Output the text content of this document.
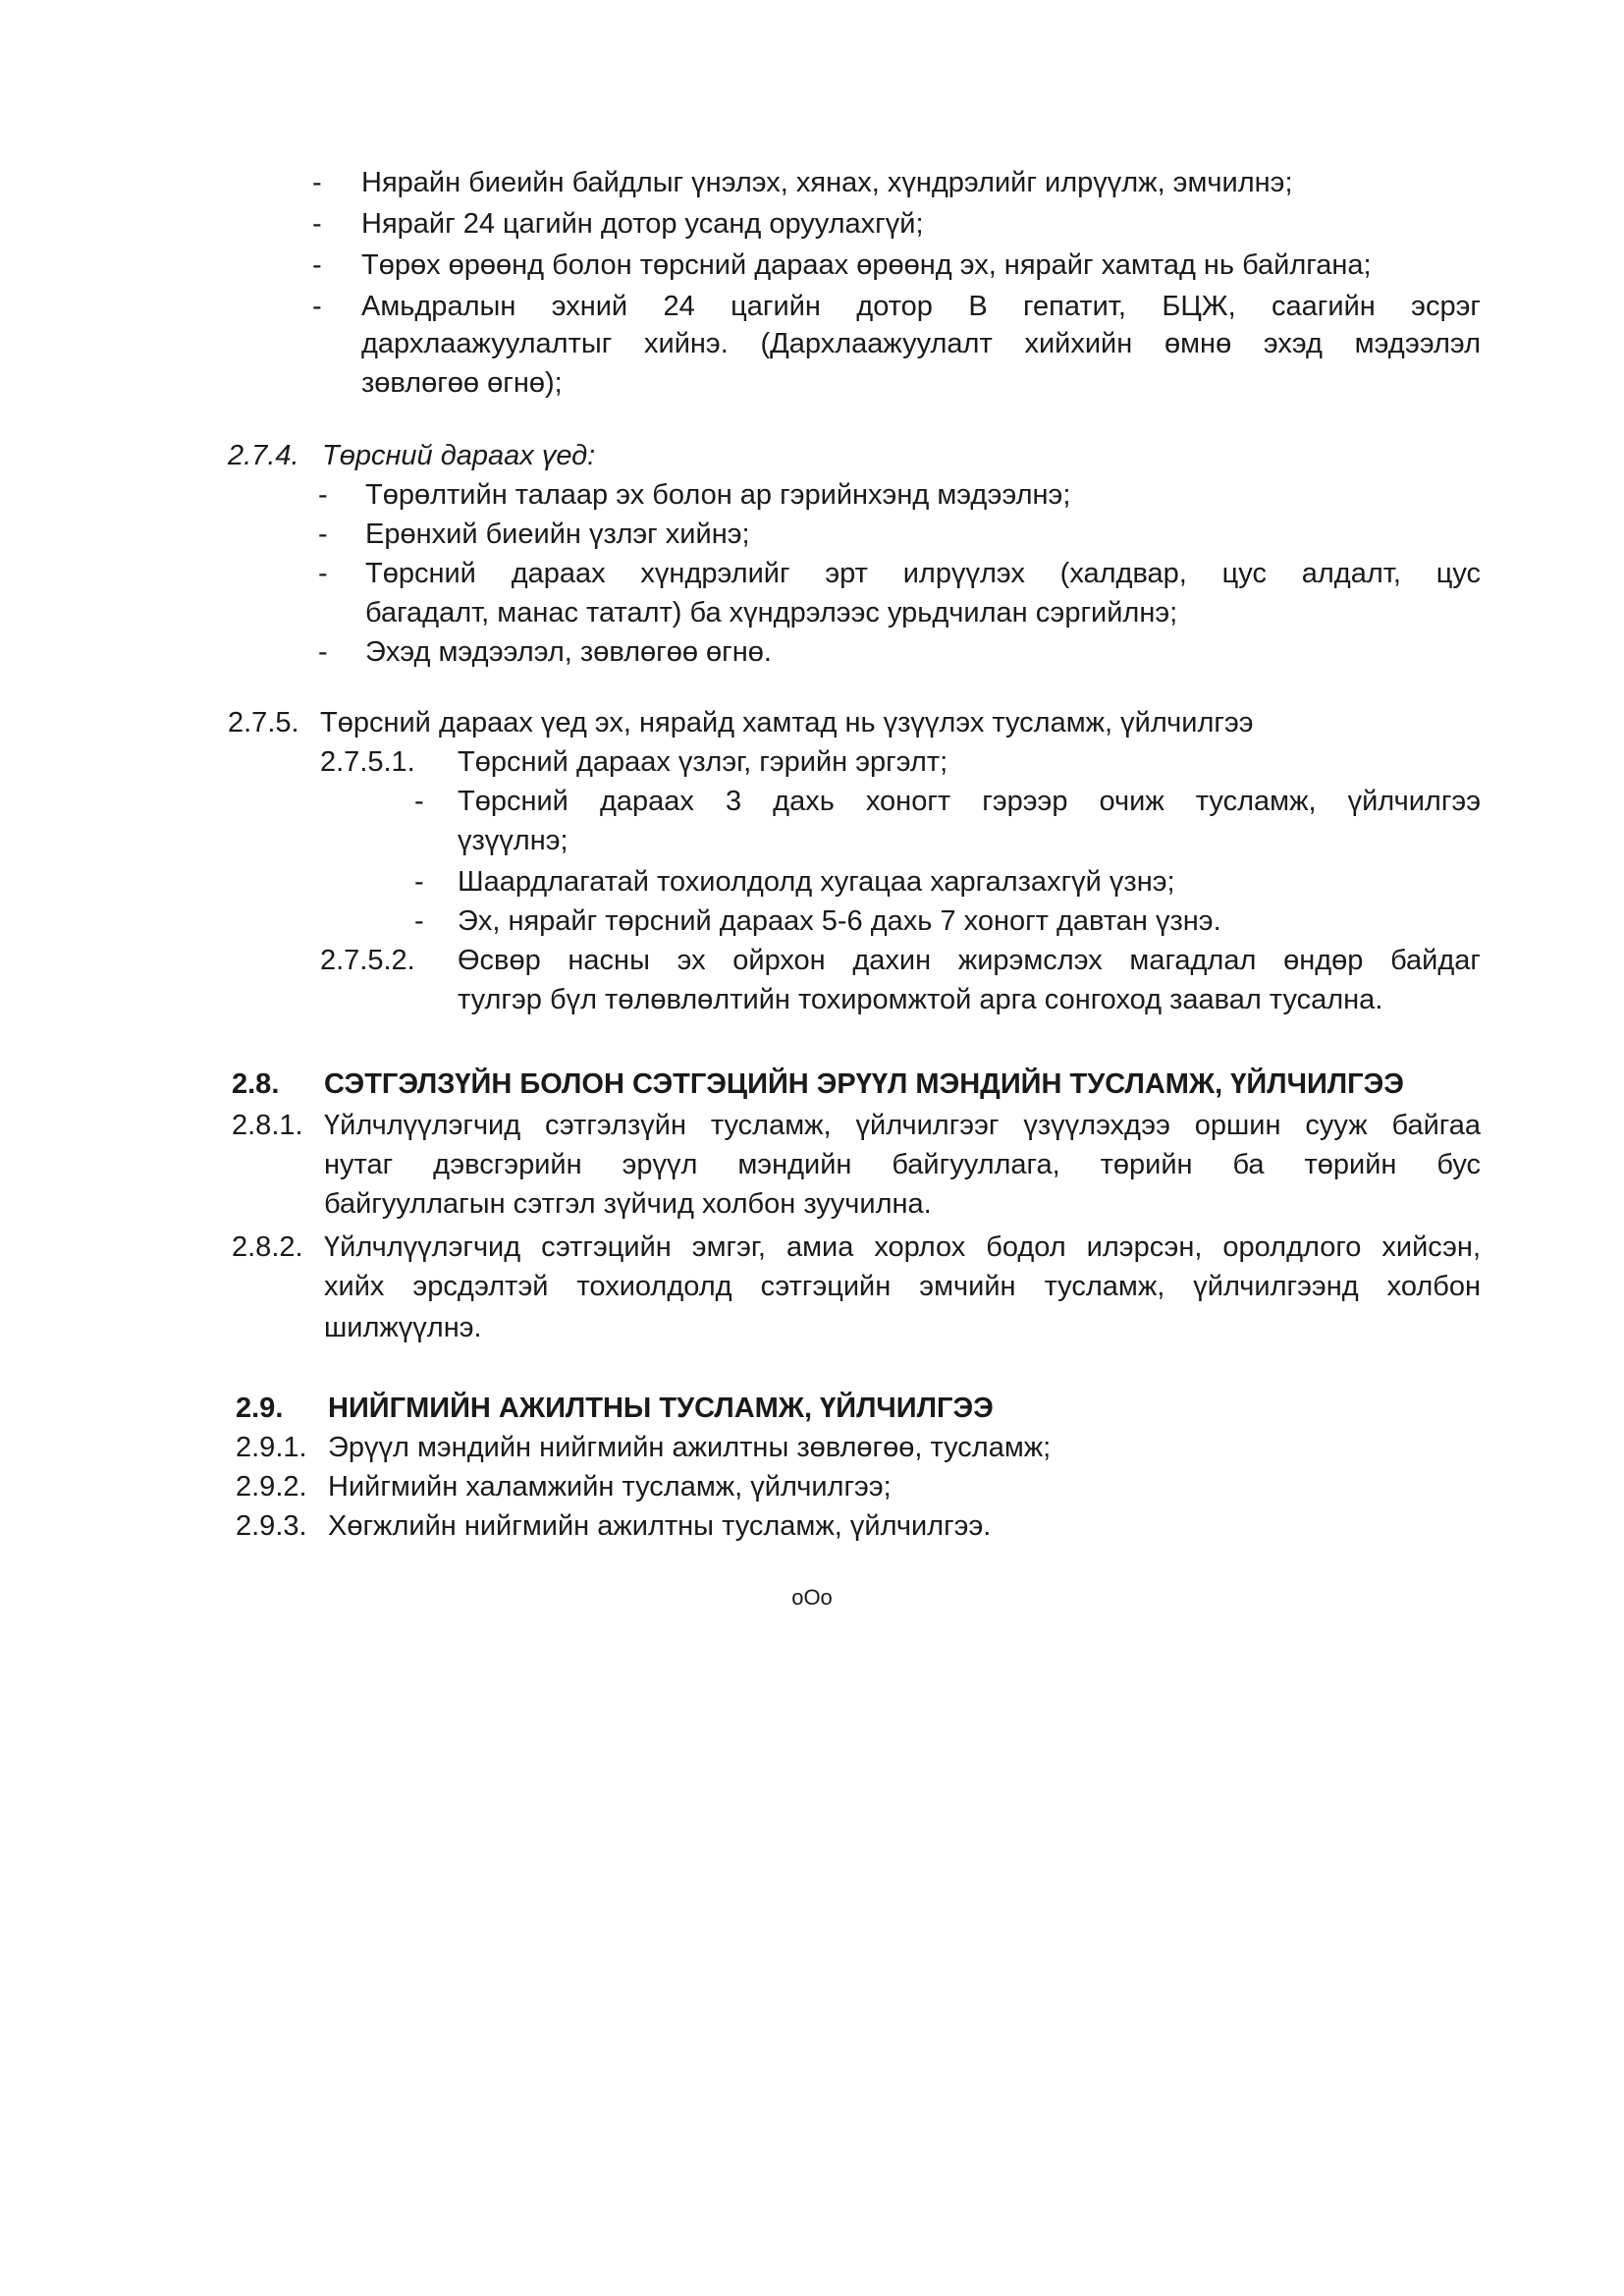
- Нярайн биеийн байдлыг үнэлэх, хянах, хүндрэлийг илрүүлж, эмчилнэ;
- Нярайг 24 цагийн дотор усанд оруулахгүй;
- Төрөх өрөөнд болон төрсний дараах өрөөнд эх, нярайг хамтад нь байлгана;
- Амьдралын эхний 24 цагийн дотор В гепатит, БЦЖ, саагийн эсрэг
дархлаажуулалтыг хийнэ. (Дархлаажуулалт хийхийн өмнө эхэд мэдээлэл
зөвлөгөө өгнө);
2.7.4. Төрсний дараах үед:
- Төрөлтийн талаар эх болон ар гэрийнхэнд мэдээлнэ;
- Ерөнхий биеийн үзлэг хийнэ;
- Төрсний дараах хүндрэлийг эрт илрүүлэх (халдвар, цус алдалт, цус
багадалт, манас таталт) ба хүндрэлээс урьдчилан сэргийлнэ;
- Эхэд мэдээлэл, зөвлөгөө өгнө.
2.7.5. Төрсний дараах үед эх, нярайд хамтад нь үзүүлэх тусламж, үйлчилгээ
2.7.5.1. Төрсний дараах үзлэг, гэрийн эргэлт;
- Төрсний дараах 3 дахь хоногт гэрээр очиж тусламж, үйлчилгээ
үзүүлнэ;
- Шаардлагатай тохиолдолд хугацаа харгалзахгүй үзнэ;
- Эх, нярайг төрсний дараах 5-6 дахь 7 хоногт давтан үзнэ.
2.7.5.2. Өсвөр насны эх ойрхон дахин жирэмслэх магадлал өндөр байдаг
тулгэр бүл төлөвлөлтийн тохиромжтой арга сонгоход заавал тусална.
2.8. СЭТГЭЛЗҮЙН БОЛОН СЭТГЭЦИЙН ЭРҮҮЛ МЭНДИЙН ТУСЛАМЖ, ҮЙЛЧИЛГЭЭ
2.8.1. Үйлчлүүлэгчид сэтгэлзүйн тусламж, үйлчилгээг үзүүлэхдээ оршин сууж байгаа
нутаг дэвсгэрийн эрүүл мэндийн байгууллага, төрийн ба төрийн бус
байгууллагын сэтгэл зүйчид холбон зуучилна.
2.8.2. Үйлчлүүлэгчид сэтгэцийн эмгэг, амиа хорлох бодол илэрсэн, оролдлого хийсэн,
хийх эрсдэлтэй тохиолдолд сэтгэцийн эмчийн тусламж, үйлчилгээнд холбон
шилжүүлнэ.
2.9. НИЙГМИЙН АЖИЛТНЫ ТУСЛАМЖ, ҮЙЛЧИЛГЭЭ
2.9.1. Эрүүл мэндийн нийгмийн ажилтны зөвлөгөө, тусламж;
2.9.2. Нийгмийн халамжийн тусламж, үйлчилгээ;
2.9.3. Хөгжлийн нийгмийн ажилтны тусламж, үйлчилгээ.
oOo
